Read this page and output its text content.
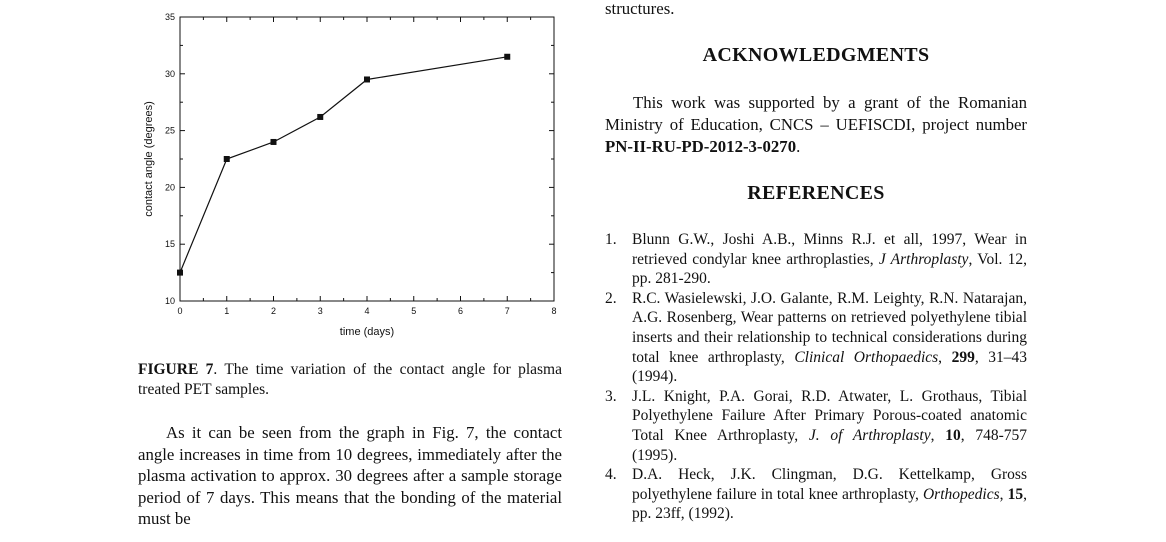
0	1	2	3	4	5	6	7	8
10
15
20
25
30
35
time (days)
contact angle (degrees)
FIGURE 7. The time variation of the contact angle for plasma treated PET samples.
As it can be seen from the graph in Fig. 7, the contact angle increases in time from 10 degrees, immediately after the plasma activation to approx. 30 degrees after a sample storage period of 7 days. This means that the bonding of the material must be
structures.
ACKNOWLEDGMENTS
This work was supported by a grant of the Romanian Ministry of Education, CNCS – UEFISCDI, project number PN-II-RU-PD-2012-3-0270.
REFERENCES
1. Blunn G.W., Joshi A.B., Minns R.J. et all, 1997, Wear in retrieved condylar knee arthroplasties, J Arthroplasty, Vol. 12, pp. 281-290.
2. R.C. Wasielewski, J.O. Galante, R.M. Leighty, R.N. Natarajan, A.G. Rosenberg, Wear patterns on retrieved polyethylene tibial inserts and their relationship to technical considerations during total knee arthroplasty, Clinical Orthopaedics, 299, 31–43 (1994).
3. J.L. Knight, P.A. Gorai, R.D. Atwater, L. Grothaus, Tibial Polyethylene Failure After Primary Porous-coated anatomic Total Knee Arthroplasty, J. of Arthroplasty, 10, 748-757 (1995).
4. D.A. Heck, J.K. Clingman, D.G. Kettelkamp, Gross polyethylene failure in total knee arthroplasty, Orthopedics, 15, pp. 23ff, (1992).
